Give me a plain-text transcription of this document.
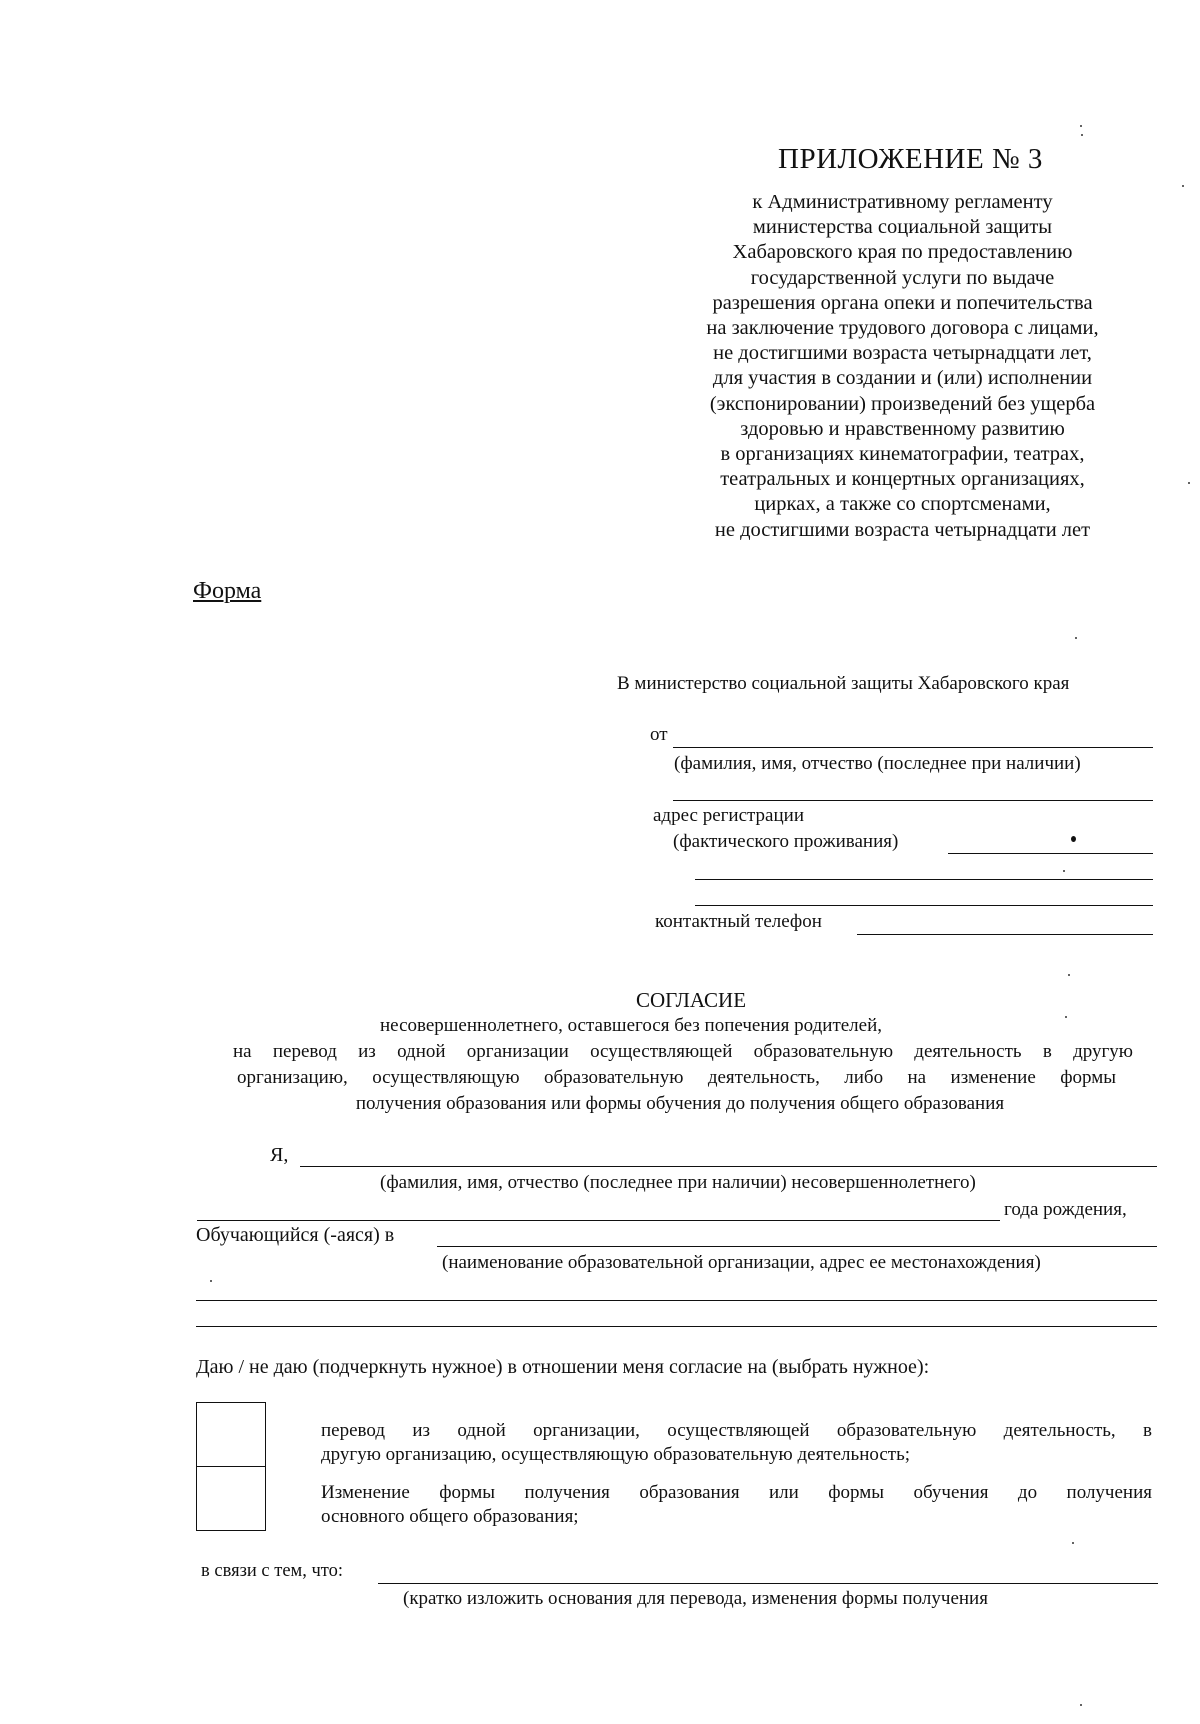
ПРИЛОЖЕНИЕ № 3
к Административному регламенту
министерства социальной защиты
Хабаровского края по предоставлению
государственной услуги по выдаче
разрешения органа опеки и попечительства
на заключение трудового договора с лицами,
не достигшими возраста четырнадцати лет,
для участия в создании и (или) исполнении
(экспонировании) произведений без ущерба
здоровью и нравственному развитию
в организациях кинематографии, театрах,
театральных и концертных организациях,
цирках, а также со спортсменами,
не достигшими возраста четырнадцати лет
Форма
В министерство социальной защиты Хабаровского края
от
(фамилия, имя, отчество (последнее при наличии)
адрес регистрации
(фактического проживания)
контактный телефон
СОГЛАСИЕ
несовершеннолетнего, оставшегося без попечения родителей,
на перевод из одной организации осуществляющей образовательную деятельность в другую
организацию, осуществляющую образовательную деятельность, либо на изменение формы
получения образования или формы обучения до получения общего образования
Я,
(фамилия, имя, отчество (последнее при наличии) несовершеннолетнего)
года рождения,
Обучающийся (-аяся) в
(наименование образовательной организации, адрес ее местонахождения)
Даю / не даю (подчеркнуть нужное) в отношении меня согласие на (выбрать нужное):
перевод из одной организации, осуществляющей образовательную деятельность, в
другую организацию, осуществляющую образовательную деятельность;
Изменение формы получения образования или формы обучения до получения
основного общего образования;
в связи с тем, что:
(кратко изложить основания для перевода, изменения формы получения
